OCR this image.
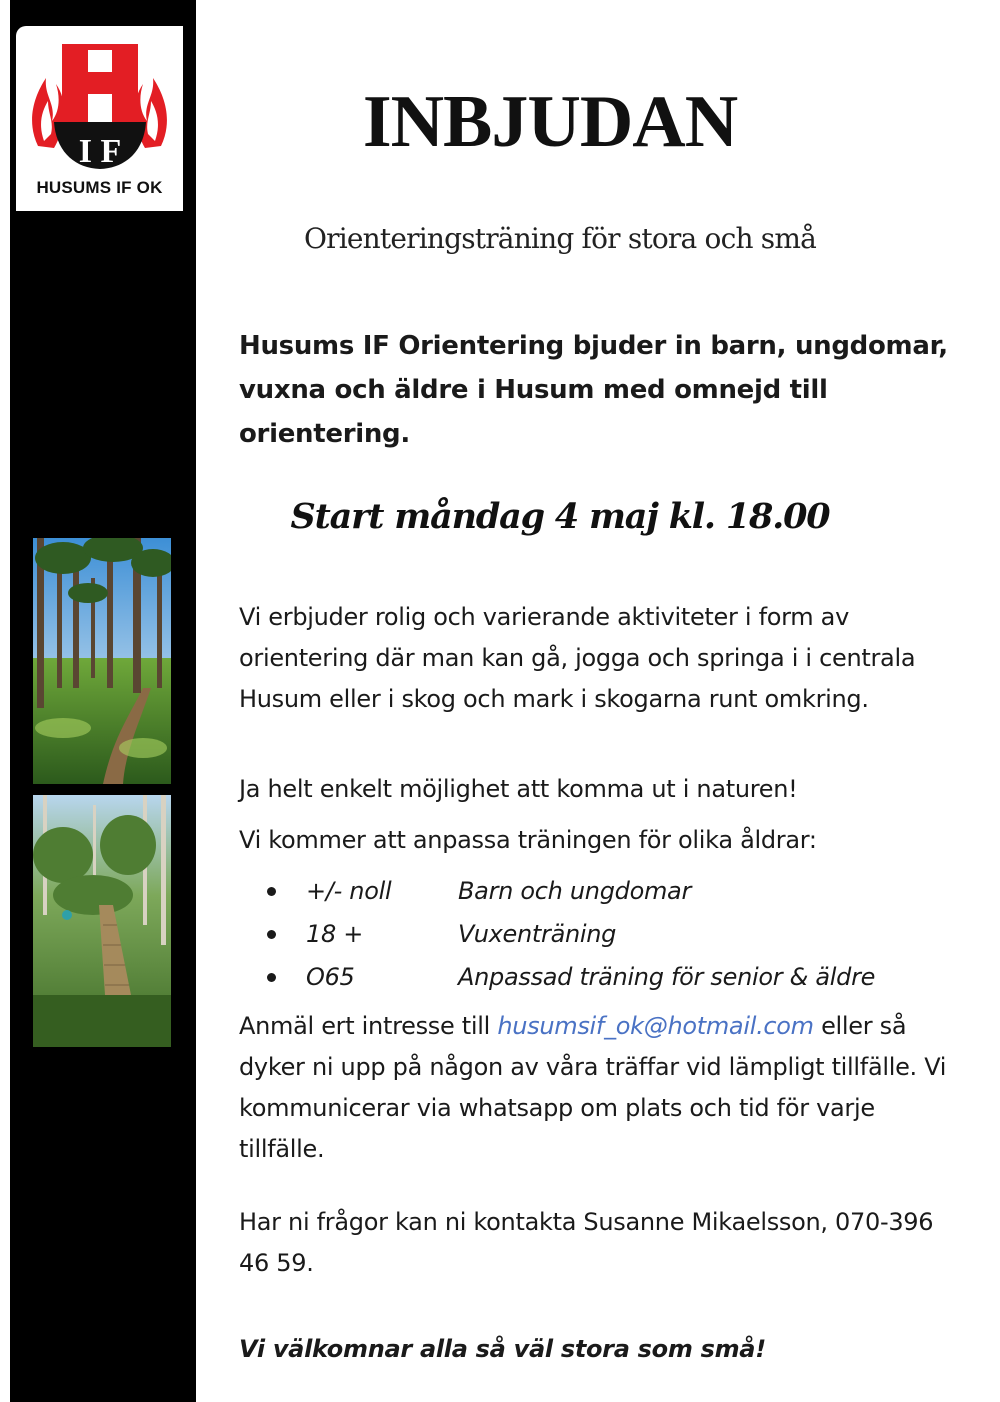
I F
HUSUMS IF OK
INBJUDAN
Orienteringsträning för stora och små
Husums IF Orientering bjuder in barn, ungdomar, vuxna och äldre i Husum med omnejd till orientering.
Start måndag 4 maj kl. 18.00
Vi erbjuder rolig och varierande aktiviteter i form av orientering där man kan gå, jogga och springa i i centrala Husum eller i skog och mark i skogarna runt omkring.
Ja helt enkelt möjlighet att komma ut i naturen!
Vi kommer att anpassa träningen för olika åldrar:
+/- noll	Barn och ungdomar
18 +	Vuxenträning
O65	Anpassad träning för senior & äldre
Anmäl ert intresse till husumsif_ok@hotmail.com eller så dyker ni upp på någon av våra träffar vid lämpligt tillfälle. Vi kommunicerar via whatsapp om plats och tid för varje tillfälle.
Har ni frågor kan ni kontakta Susanne Mikaelsson, 070-396 46 59.
Vi välkomnar alla så väl stora som små!
